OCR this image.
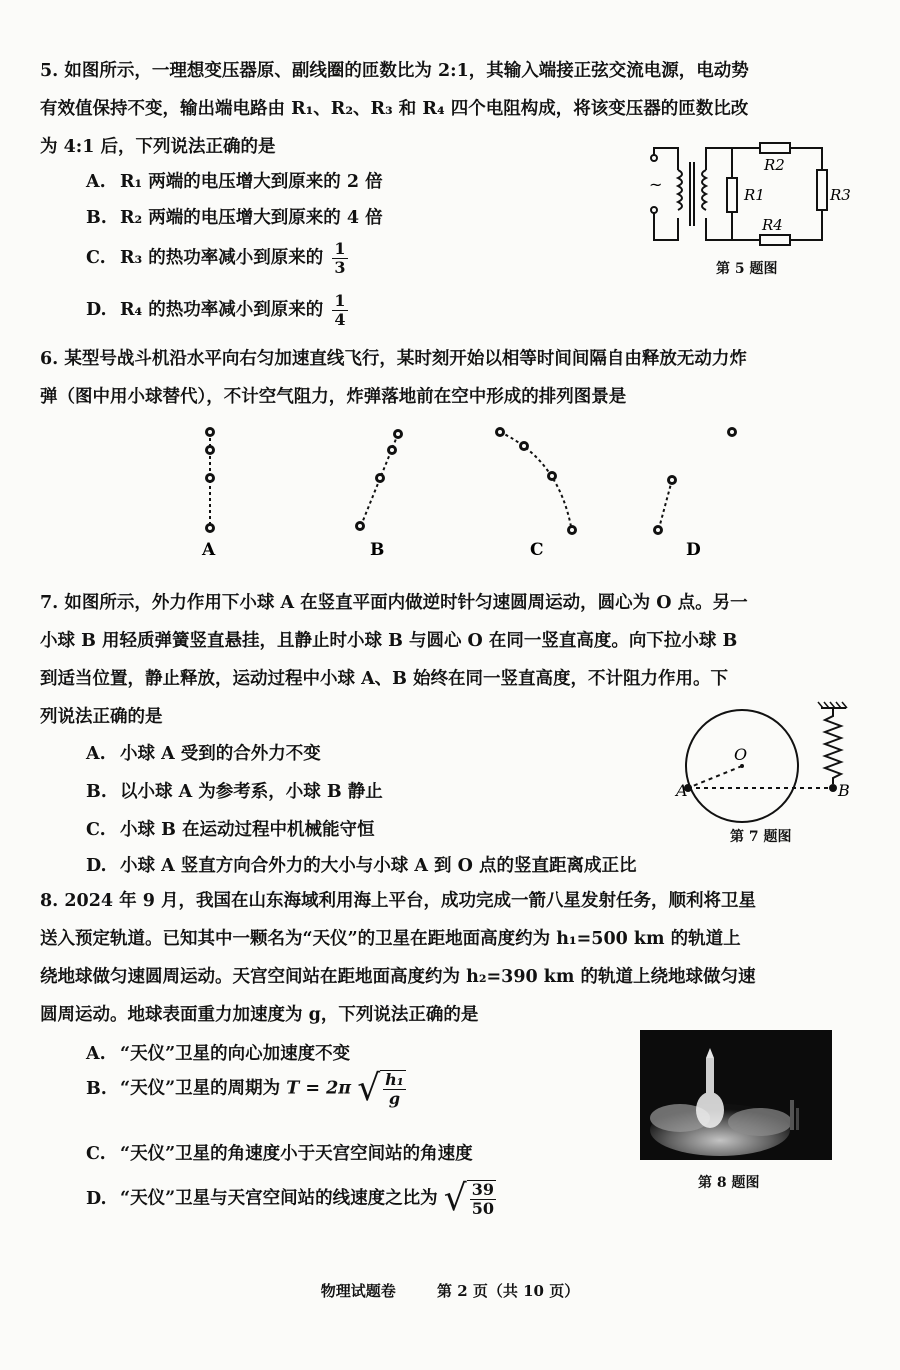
5. 如图所示，一理想变压器原、副线圈的匝数比为 2:1，其输入端接正弦交流电源，电动势
有效值保持不变，输出端电路由 R₁、R₂、R₃ 和 R₄ 四个电阻构成，将该变压器的匝数比改
为 4:1 后，下列说法正确的是
A. R₁ 两端的电压增大到原来的 2 倍
B. R₂ 两端的电压增大到原来的 4 倍
C. R₃ 的热功率减小到原来的 $\frac{1}{3}$
D. R₄ 的热功率减小到原来的 $\frac{1}{4}$
~
R1
R2
R3
R4
第 5 题图
6. 某型号战斗机沿水平向右匀加速直线飞行，某时刻开始以相等时间间隔自由释放无动力炸
弹（图中用小球替代），不计空气阻力，炸弹落地前在空中形成的排列图景是
A	B	C	D
7. 如图所示，外力作用下小球 A 在竖直平面内做逆时针匀速圆周运动，圆心为 O 点。另一
小球 B 用轻质弹簧竖直悬挂，且静止时小球 B 与圆心 O 在同一竖直高度。向下拉小球 B
到适当位置，静止释放，运动过程中小球 A、B 始终在同一竖直高度，不计阻力作用。下
列说法正确的是
A. 小球 A 受到的合外力不变
B. 以小球 A 为参考系，小球 B 静止
C. 小球 B 在运动过程中机械能守恒
D. 小球 A 竖直方向合外力的大小与小球 A 到 O 点的竖直距离成正比
O
A	B
第 7 题图
8. 2024 年 9 月，我国在山东海域利用海上平台，成功完成一箭八星发射任务，顺利将卫星
送入预定轨道。已知其中一颗名为“天仪”的卫星在距地面高度约为 h₁=500 km 的轨道上
绕地球做匀速圆周运动。天宫空间站在距地面高度约为 h₂=390 km 的轨道上绕地球做匀速
圆周运动。地球表面重力加速度为 g，下列说法正确的是
A. “天仪”卫星的向心加速度不变
B. “天仪”卫星的周期为 T = 2π √ $\frac{\text{h₁}}{g}$
C. “天仪”卫星的角速度小于天宫空间站的角速度
D. “天仪”卫星与天宫空间站的线速度之比为 √ $\frac{39}{50}$	第 8 题图
物理试题卷	第 2 页（共 10 页）
